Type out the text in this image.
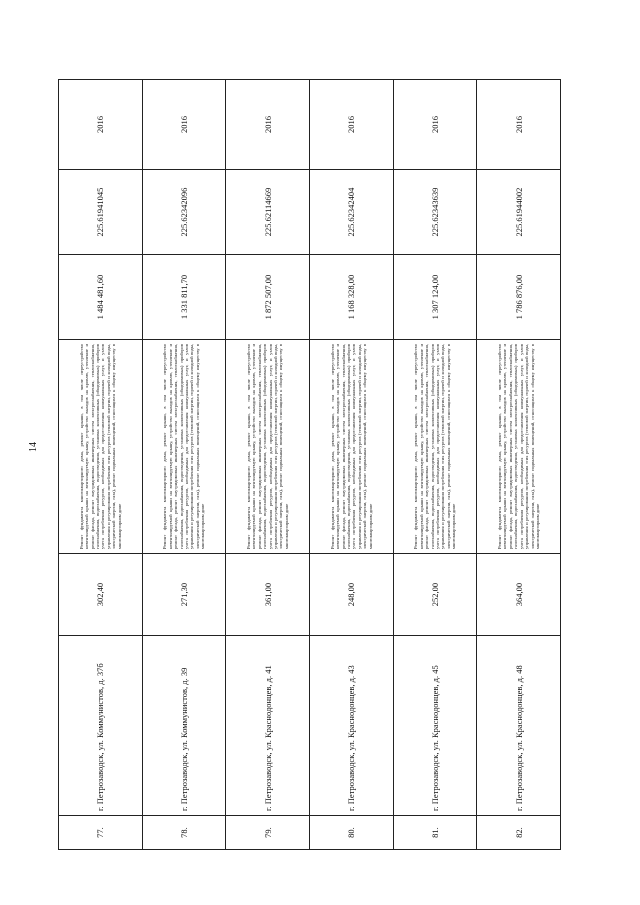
14
77.
г. Петрозаводск, ул. Коммунистов, д. 37б
302,40
Ремонт фундамента многоквартирного дома, ремонт крыши, в том числе переустройство невентилируемой крыши на вентилируемую крышу, устройство выходов на кровлю, утепление и ремонт фасада, ремонт внутридомовых инженерных систем электроснабжения, теплоснабжения, газоснабжения, водоснабжения, водоотведения, установка коллективных (общедомовых) приборов учета потребления ресурсов, необходимых для предоставления коммунальных услуг, и узлов управления и регулирования потребления этих ресурсов (тепловой энергии, горячей и холодной воды, электрической энергии, газа), ремонт подвальных помещений, относящихся к общему имуществу в многоквартирном доме
1 484 481,60
225.61941045
2016
78.
г. Петрозаводск, ул. Коммунистов, д. 39
271,30
Ремонт фундамента многоквартирного дома, ремонт крыши, в том числе переустройство невентилируемой крыши на вентилируемую крышу, устройство выходов на кровлю, утепление и ремонт фасада, ремонт внутридомовых инженерных систем электроснабжения, теплоснабжения, газоснабжения, водоснабжения, водоотведения, установка коллективных (общедомовых) приборов учета потребления ресурсов, необходимых для предоставления коммунальных услуг, и узлов управления и регулирования потребления этих ресурсов (тепловой энергии, горячей и холодной воды, электрической энергии, газа), ремонт подвальных помещений, относящихся к общему имуществу в многоквартирном доме
1 331 811,70
225.62342096
2016
79.
г. Петрозаводск, ул. Краснодонцев, д. 41
361,00
Ремонт фундамента многоквартирного дома, ремонт крыши, в том числе переустройство невентилируемой крыши на вентилируемую крышу, устройство выходов на кровлю, утепление и ремонт фасада, ремонт внутридомовых инженерных систем электроснабжения, теплоснабжения, газоснабжения, водоснабжения, водоотведения, установка коллективных (общедомовых) приборов учета потребления ресурсов, необходимых для предоставления коммунальных услуг, и узлов управления и регулирования потребления этих ресурсов (тепловой энергии, горячей и холодной воды, электрической энергии, газа), ремонт подвальных помещений, относящихся к общему имуществу в многоквартирном доме
1 872 507,00
225.62114669
2016
80.
г. Петрозаводск, ул. Краснодонцев, д. 43
248,00
Ремонт фундамента многоквартирного дома, ремонт крыши, в том числе переустройство невентилируемой крыши на вентилируемую крышу, устройство выходов на кровлю, утепление и ремонт фасада, ремонт внутридомовых инженерных систем электроснабжения, теплоснабжения, газоснабжения, водоснабжения, водоотведения, установка коллективных (общедомовых) приборов учета потребления ресурсов, необходимых для предоставления коммунальных услуг, и узлов управления и регулирования потребления этих ресурсов (тепловой энергии, горячей и холодной воды, электрической энергии, газа), ремонт подвальных помещений, относящихся к общему имуществу в многоквартирном доме
1 168 328,00
225.62342404
2016
81.
г. Петрозаводск, ул. Краснодонцев, д. 45
252,00
Ремонт фундамента многоквартирного дома, ремонт крыши, в том числе переустройство невентилируемой крыши на вентилируемую крышу, устройство выходов на кровлю, утепление и ремонт фасада, ремонт внутридомовых инженерных систем электроснабжения, теплоснабжения, газоснабжения, водоснабжения, водоотведения, установка коллективных (общедомовых) приборов учета потребления ресурсов, необходимых для предоставления коммунальных услуг, и узлов управления и регулирования потребления этих ресурсов (тепловой энергии, горячей и холодной воды, электрической энергии, газа), ремонт подвальных помещений, относящихся к общему имуществу в многоквартирном доме
1 307 124,00
225.62343639
2016
82.
г. Петрозаводск, ул. Краснодонцев, д. 48
364,00
Ремонт фундамента многоквартирного дома, ремонт крыши, в том числе переустройство невентилируемой крыши на вентилируемую крышу, устройство выходов на кровлю, утепление и ремонт фасада, ремонт внутридомовых инженерных систем электроснабжения, теплоснабжения, газоснабжения, водоснабжения, водоотведения, установка коллективных (общедомовых) приборов учета потребления ресурсов, необходимых для предоставления коммунальных услуг, и узлов управления и регулирования потребления этих ресурсов (тепловой энергии, горячей и холодной воды, электрической энергии, газа), ремонт подвальных помещений, относящихся к общему имуществу в многоквартирном доме
1 786 876,00
225.61944002
2016
